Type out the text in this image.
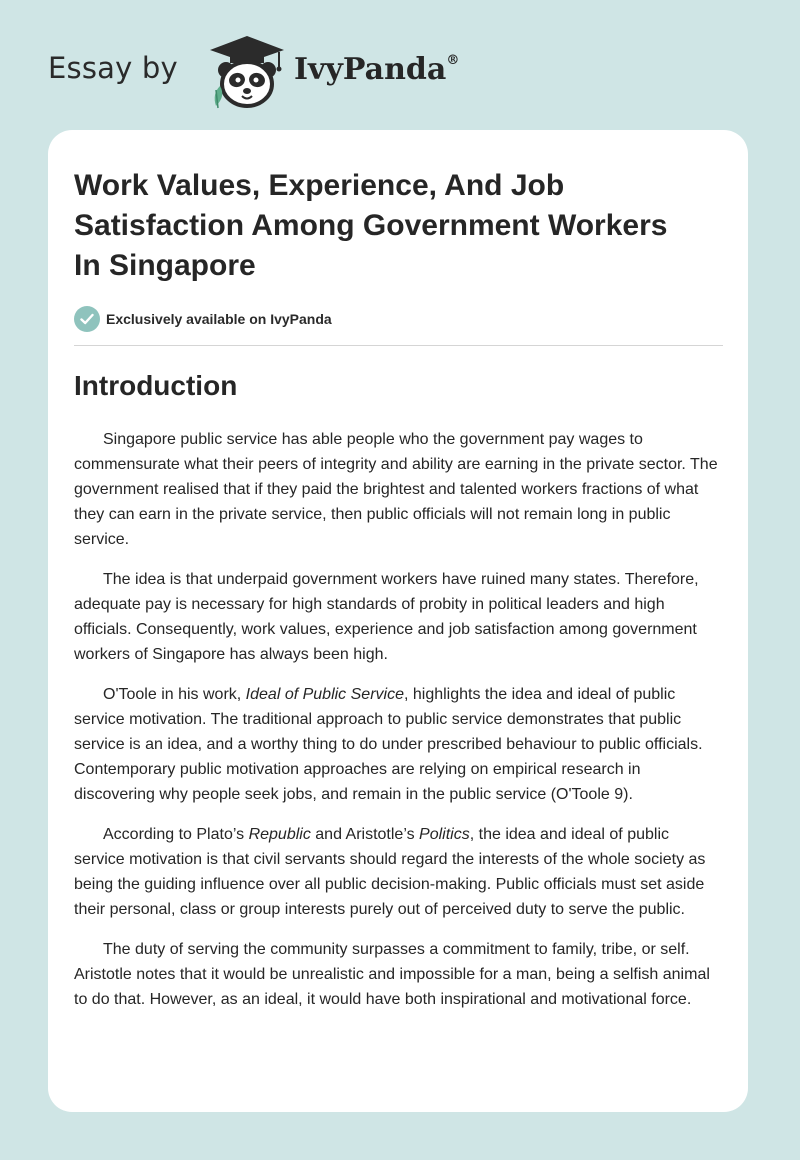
Essay by	IvyPanda®
Work Values, Experience, And Job Satisfaction Among Government Workers In Singapore
Exclusively available on IvyPanda
Introduction

Singapore public service has able people who the government pay wages to commensurate what their peers of integrity and ability are earning in the private sector. The government realised that if they paid the brightest and talented workers fractions of what they can earn in the private service, then public officials will not remain long in public service.

The idea is that underpaid government workers have ruined many states. Therefore, adequate pay is necessary for high standards of probity in political leaders and high officials. Consequently, work values, experience and job satisfaction among government workers of Singapore has always been high.

O'Toole in his work, Ideal of Public Service, highlights the idea and ideal of public service motivation. The traditional approach to public service demonstrates that public service is an idea, and a worthy thing to do under prescribed behaviour to public officials. Contemporary public motivation approaches are relying on empirical research in discovering why people seek jobs, and remain in the public service (O'Toole 9).

According to Plato’s Republic and Aristotle’s Politics, the idea and ideal of public service motivation is that civil servants should regard the interests of the whole society as being the guiding influence over all public decision-making. Public officials must set aside their personal, class or group interests purely out of perceived duty to serve the public.

The duty of serving the community surpasses a commitment to family, tribe, or self. Aristotle notes that it would be unrealistic and impossible for a man, being a selfish animal to do that. However, as an ideal, it would have both inspirational and motivational force.
